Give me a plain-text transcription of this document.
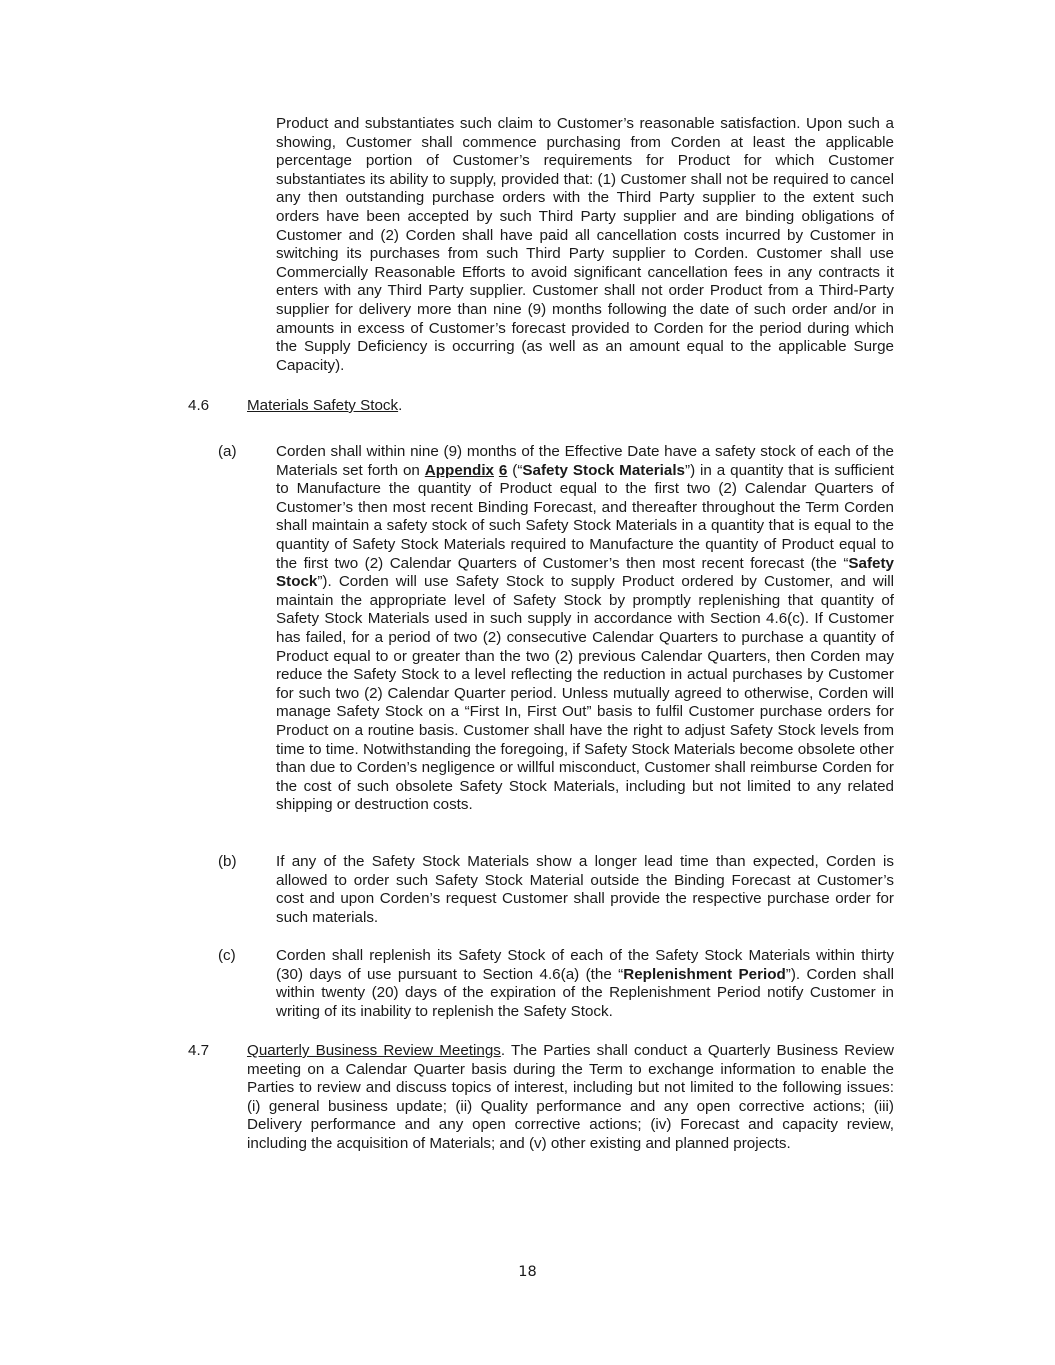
Product and substantiates such claim to Customer’s reasonable satisfaction. Upon such a showing, Customer shall commence purchasing from Corden at least the applicable percentage portion of Customer’s requirements for Product for which Customer substantiates its ability to supply, provided that: (1) Customer shall not be required to cancel any then outstanding purchase orders with the Third Party supplier to the extent such orders have been accepted by such Third Party supplier and are binding obligations of Customer and (2) Corden shall have paid all cancellation costs incurred by Customer in switching its purchases from such Third Party supplier to Corden. Customer shall use Commercially Reasonable Efforts to avoid significant cancellation fees in any contracts it enters with any Third Party supplier. Customer shall not order Product from a Third-Party supplier for delivery more than nine (9) months following the date of such order and/or in amounts in excess of Customer’s forecast provided to Corden for the period during which the Supply Deficiency is occurring (as well as an amount equal to the applicable Surge Capacity).
4.6 Materials Safety Stock.
(a)	Corden shall within nine (9) months of the Effective Date have a safety stock of each of the Materials set forth on Appendix 6 (“Safety Stock Materials”) in a quantity that is sufficient to Manufacture the quantity of Product equal to the first two (2) Calendar Quarters of Customer’s then most recent Binding Forecast, and thereafter throughout the Term Corden shall maintain a safety stock of such Safety Stock Materials in a quantity that is equal to the quantity of Safety Stock Materials required to Manufacture the quantity of Product equal to the first two (2) Calendar Quarters of Customer’s then most recent forecast (the “Safety Stock”). Corden will use Safety Stock to supply Product ordered by Customer, and will maintain the appropriate level of Safety Stock by promptly replenishing that quantity of Safety Stock Materials used in such supply in accordance with Section 4.6(c). If Customer has failed, for a period of two (2) consecutive Calendar Quarters to purchase a quantity of Product equal to or greater than the two (2) previous Calendar Quarters, then Corden may reduce the Safety Stock to a level reflecting the reduction in actual purchases by Customer for such two (2) Calendar Quarter period. Unless mutually agreed to otherwise, Corden will manage Safety Stock on a “First In, First Out” basis to fulfil Customer purchase orders for Product on a routine basis. Customer shall have the right to adjust Safety Stock levels from time to time. Notwithstanding the foregoing, if Safety Stock Materials become obsolete other than due to Corden’s negligence or willful misconduct, Customer shall reimburse Corden for the cost of such obsolete Safety Stock Materials, including but not limited to any related shipping or destruction costs.
(b)	If any of the Safety Stock Materials show a longer lead time than expected, Corden is allowed to order such Safety Stock Material outside the Binding Forecast at Customer’s cost and upon Corden’s request Customer shall provide the respective purchase order for such materials.
(c)	Corden shall replenish its Safety Stock of each of the Safety Stock Materials within thirty (30) days of use pursuant to Section 4.6(a) (the “Replenishment Period”). Corden shall within twenty (20) days of the expiration of the Replenishment Period notify Customer in writing of its inability to replenish the Safety Stock.
4.7 Quarterly Business Review Meetings. The Parties shall conduct a Quarterly Business Review meeting on a Calendar Quarter basis during the Term to exchange information to enable the Parties to review and discuss topics of interest, including but not limited to the following issues: (i) general business update; (ii) Quality performance and any open corrective actions; (iii) Delivery performance and any open corrective actions; (iv) Forecast and capacity review, including the acquisition of Materials; and (v) other existing and planned projects.
18
